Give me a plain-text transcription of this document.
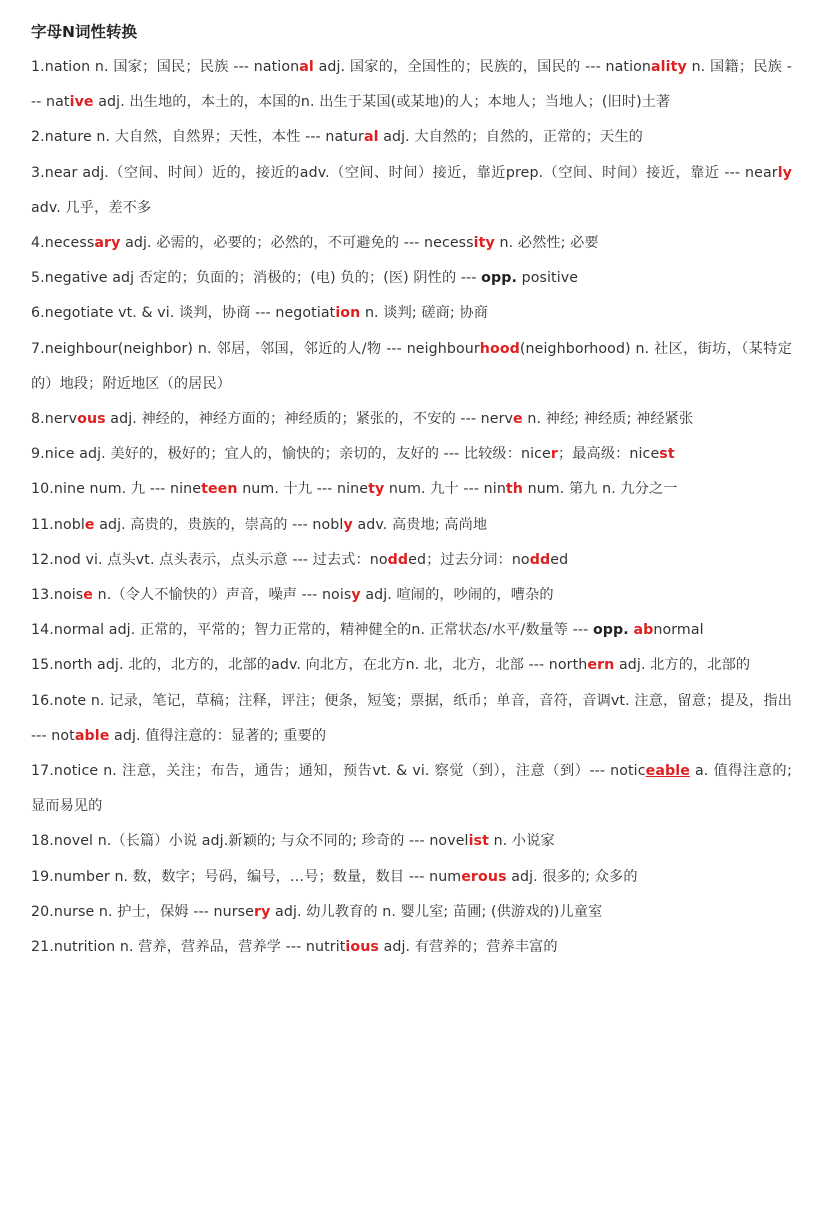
字母N词性转换
1.nation n. 国家；国民；民族 --- national adj. 国家的，全国性的；民族的，国民的 --- nationality n. 国籍；民族 --- native adj. 出生地的，本土的，本国的n. 出生于某国(或某地)的人；本地人；当地人；(旧时)土著
2.nature n. 大自然，自然界；天性，本性 --- natural adj. 大自然的；自然的，正常的；天生的
3.near adj.（空间、时间）近的，接近的adv.（空间、时间）接近，靠近prep.（空间、时间）接近，靠近 --- nearly adv. 几乎，差不多
4.necessary adj. 必需的，必要的；必然的，不可避免的 --- necessity n. 必然性; 必要
5.negative adj 否定的；负面的；消极的；(电) 负的；(医) 阴性的 --- opp. positive
6.negotiate vt. & vi. 谈判，协商 --- negotiation n. 谈判; 磋商; 协商
7.neighbour(neighbor) n. 邻居，邻国，邻近的人/物 --- neighbourhood(neighborhood) n. 社区，街坊，（某特定的）地段；附近地区（的居民）
8.nervous adj. 神经的，神经方面的；神经质的；紧张的，不安的 --- nerve n. 神经; 神经质; 神经紧张
9.nice adj. 美好的，极好的；宜人的，愉快的；亲切的，友好的 --- 比较级：nicer；最高级：nicest
10.nine num. 九 --- nineteen num. 十九 --- ninety num. 九十 --- ninth num. 第九 n. 九分之一
11.noble adj. 高贵的，贵族的，崇高的 --- nobly adv. 高贵地; 高尚地
12.nod vi. 点头vt. 点头表示，点头示意 --- 过去式：nodded；过去分词：nodded
13.noise n.（令人不愉快的）声音，噪声 --- noisy adj. 喧闹的，吵闹的，嘈杂的
14.normal adj. 正常的，平常的；智力正常的，精神健全的n. 正常状态/水平/数量等 --- opp. abnormal
15.north adj. 北的，北方的，北部的adv. 向北方，在北方n. 北，北方，北部 --- northern adj. 北方的，北部的
16.note n. 记录，笔记，草稿；注释，评注；便条，短笺；票据，纸币；单音，音符，音调vt. 注意，留意；提及，指出 --- notable adj. 值得注意的：显著的; 重要的
17.notice n. 注意，关注；布告，通告；通知，预告vt. & vi. 察觉（到），注意（到）--- noticeable a. 值得注意的; 显而易见的
18.novel n.（长篇）小说 adj.新颖的; 与众不同的; 珍奇的 --- novelist n. 小说家
19.number n. 数，数字；号码，编号，…号；数量，数目 --- numerous adj. 很多的; 众多的
20.nurse n. 护士，保姆 --- nursery adj. 幼儿教育的 n. 婴儿室; 苗圃; (供游戏的)儿童室
21.nutrition n. 营养，营养品，营养学 --- nutritious adj. 有营养的；营养丰富的
